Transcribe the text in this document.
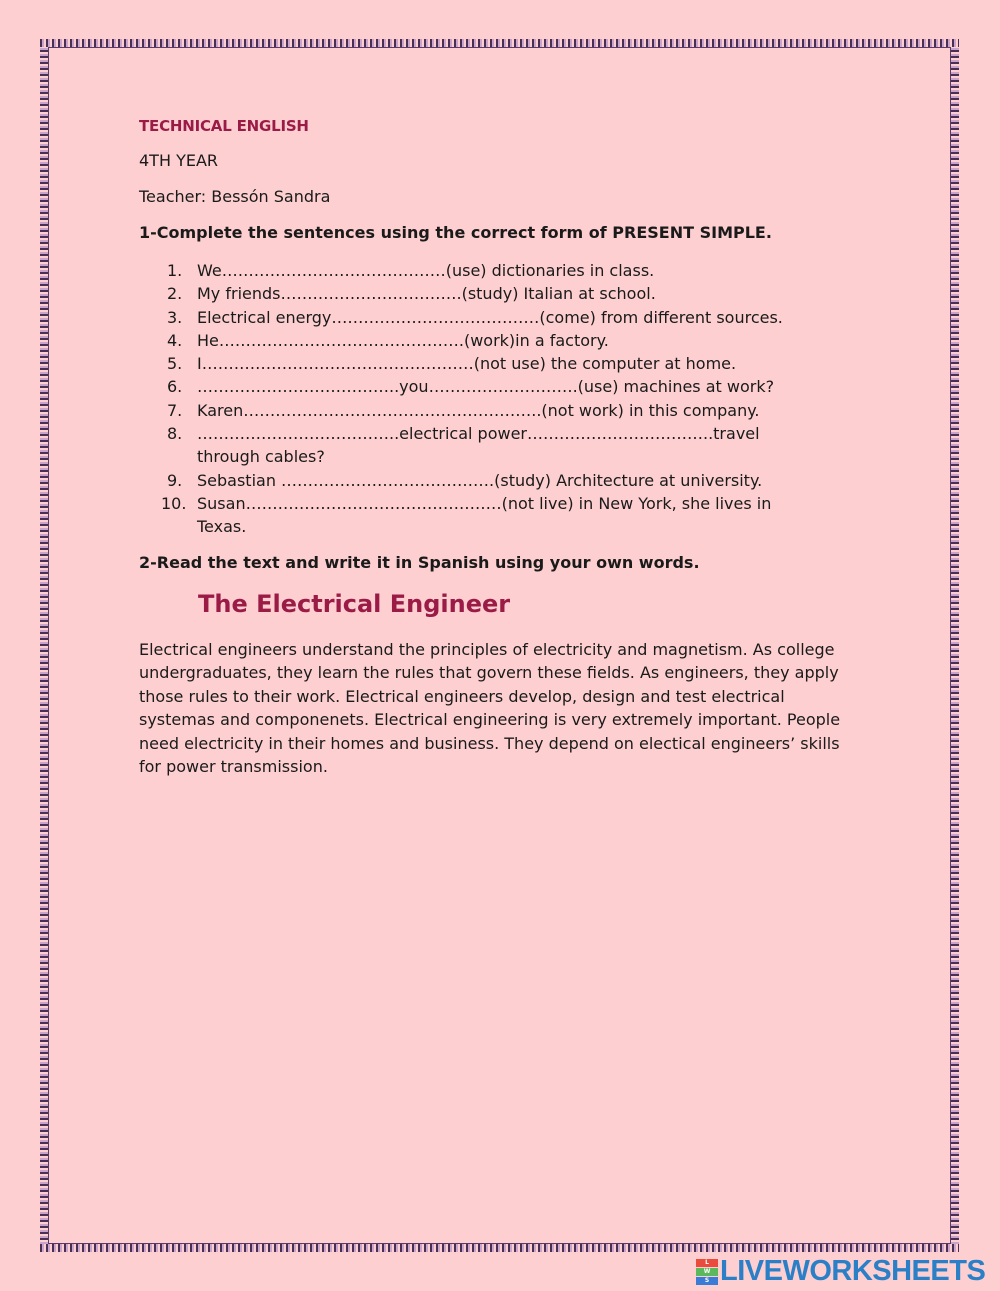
TECHNICAL ENGLISH
4TH YEAR
Teacher: Bessón Sandra
1-Complete the sentences using the correct form of PRESENT SIMPLE.
1. We……………………………………(use) dictionaries in class.
2. My friends…………………………….(study) Italian at school.
3. Electrical energy…………………………………(come) from different sources.
4. He……………………………………….(work)in a factory.
5. I……………………………………………(not use) the computer at home.
6. ………………………………..you……………………….(use) machines at work?
7. Karen………………………………………………..(not work) in this company.
8. ………………………………..electrical power……………………………..travel through cables?
9. Sebastian ………………………………….(study) Architecture at university.
10. Susan…………………………………………(not live) in New York, she lives in Texas.
2-Read the text and write it in Spanish using your own words.
The Electrical Engineer
Electrical engineers understand the principles of electricity and magnetism. As college undergraduates, they learn the rules that govern these fields. As engineers, they apply those rules to their work. Electrical engineers develop, design and test electrical systemas and componenets. Electrical engineering is very extremely important. People need electricity in their homes and business. They depend on electical engineers’ skills for power transmission.
L
W
S LIVEWORKSHEETS
